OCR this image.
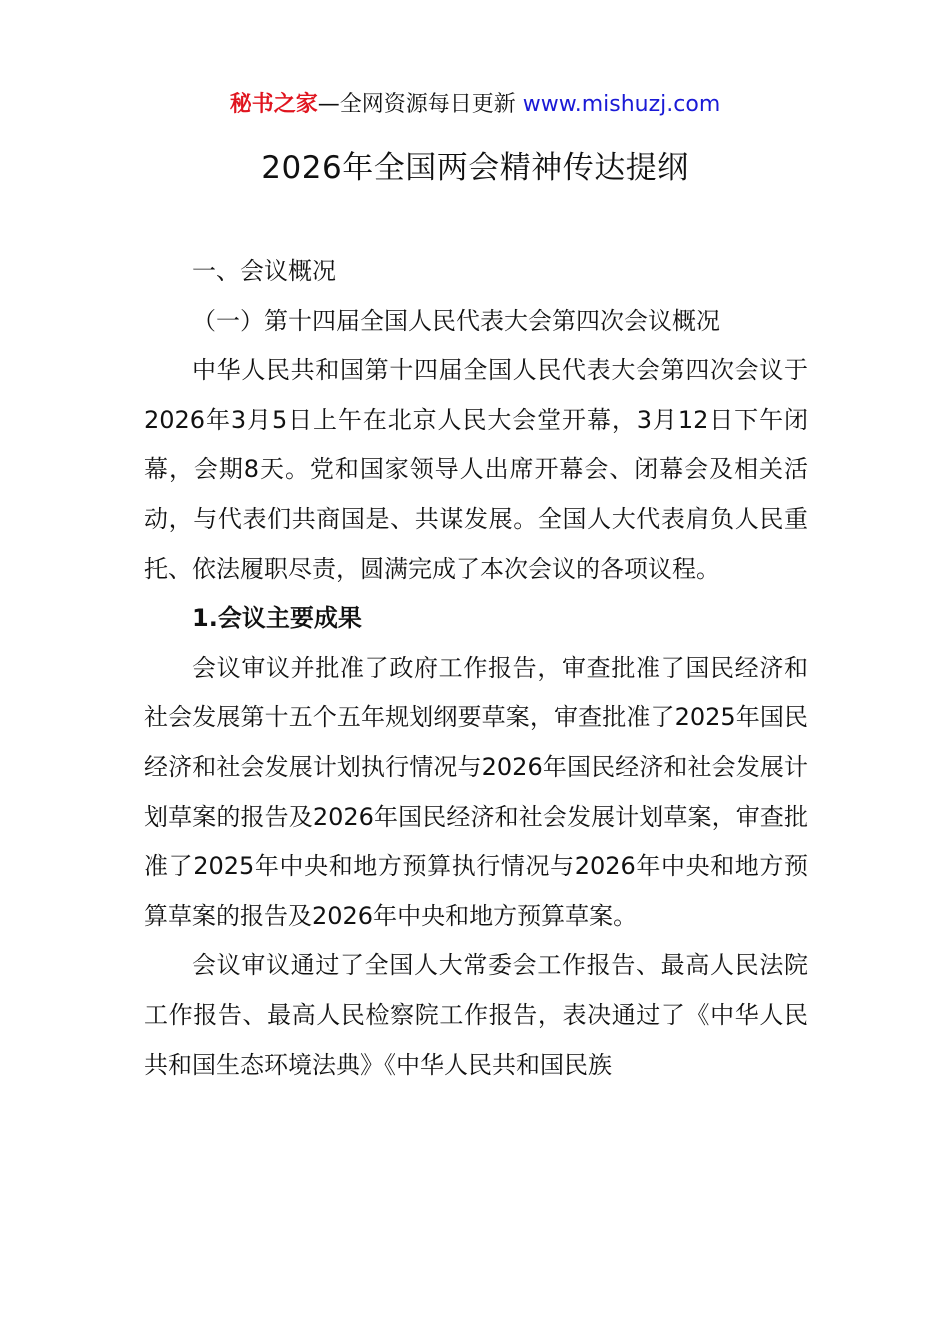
秘书之家—全网资源每日更新 www.mishuzj.com
2026年全国两会精神传达提纲

一、会议概况

（一）第十四届全国人民代表大会第四次会议概况

中华人民共和国第十四届全国人民代表大会第四次会议于2026年3月5日上午在北京人民大会堂开幕，3月12日下午闭幕，会期8天。党和国家领导人出席开幕会、闭幕会及相关活动，与代表们共商国是、共谋发展。全国人大代表肩负人民重托、依法履职尽责，圆满完成了本次会议的各项议程。

1.会议主要成果

会议审议并批准了政府工作报告，审查批准了国民经济和社会发展第十五个五年规划纲要草案，审查批准了2025年国民经济和社会发展计划执行情况与2026年国民经济和社会发展计划草案的报告及2026年国民经济和社会发展计划草案，审查批准了2025年中央和地方预算执行情况与2026年中央和地方预算草案的报告及2026年中央和地方预算草案。

会议审议通过了全国人大常委会工作报告、最高人民法院工作报告、最高人民检察院工作报告，表决通过了《中华人民共和国生态环境法典》《中华人民共和国民族
